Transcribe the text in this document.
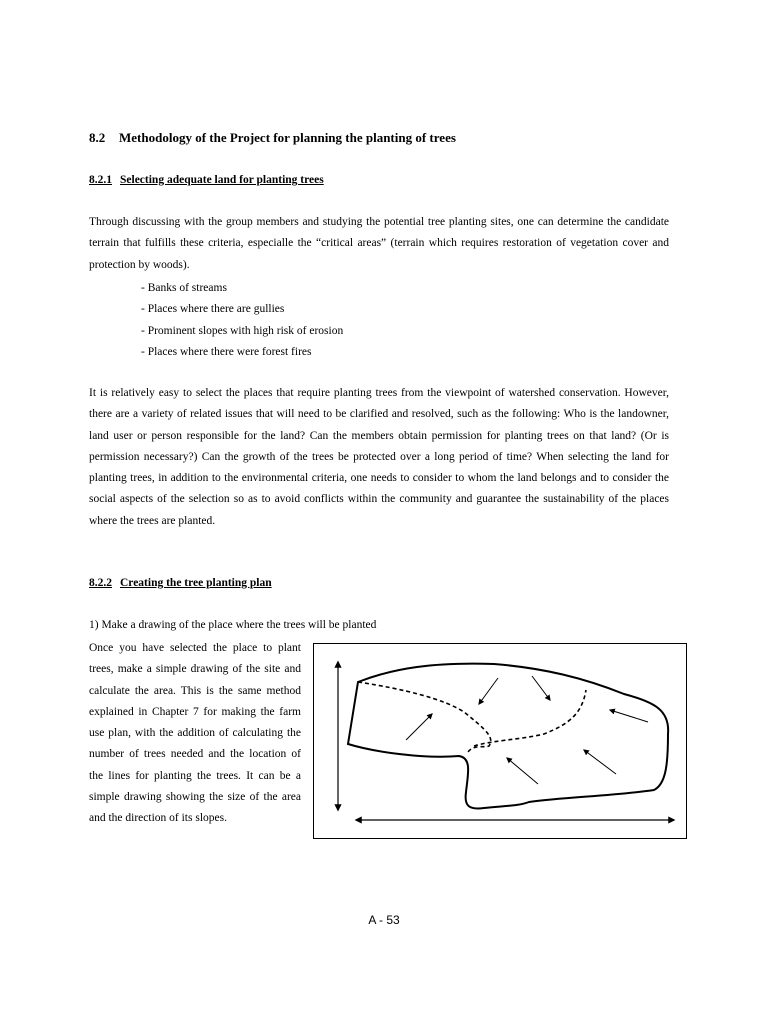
8.2 Methodology of the Project for planning the planting of trees
8.2.1 Selecting adequate land for planting trees
Through discussing with the group members and studying the potential tree planting sites, one can determine the candidate terrain that fulfills these criteria, especialle the “critical areas” (terrain which requires restoration of vegetation cover and protection by woods).
- Banks of streams
- Places where there are gullies
- Prominent slopes with high risk of erosion
- Places where there were forest fires
It is relatively easy to select the places that require planting trees from the viewpoint of watershed conservation. However, there are a variety of related issues that will need to be clarified and resolved, such as the following: Who is the landowner, land user or person responsible for the land? Can the members obtain permission for planting trees on that land? (Or is permission necessary?) Can the growth of the trees be protected over a long period of time? When selecting the land for planting trees, in addition to the environmental criteria, one needs to consider to whom the land belongs and to consider the social aspects of the selection so as to avoid conflicts within the community and guarantee the sustainability of the places where the trees are planted.
8.2.2 Creating the tree planting plan
1) Make a drawing of the place where the trees will be planted
Once you have selected the place to plant trees, make a simple drawing of the site and calculate the area. This is the same method explained in Chapter 7 for making the farm use plan, with the addition of calculating the number of trees needed and the location of the lines for planting the trees. It can be a simple drawing showing the size of the area and the direction of its slopes.
A - 53
